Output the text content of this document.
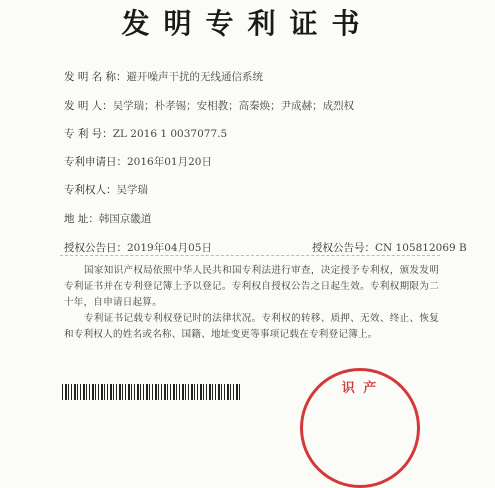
发明专利证书
发 明 名 称：避开噪声干扰的无线通信系统
发 明 人：吴学瑞；朴孝锡；安相教；高秦焕；尹成赫；成烈权
专 利 号：ZL 2016 1 0037077.5
专利申请日：2016年01月20日
专利权人：吴学瑞
地 址：韩国京畿道
授权公告日：2019年04月05日	授权公告号：CN 105812069 B
国家知识产权局依照中华人民共和国专利法进行审查，决定授予专利权，颁发发明专利证书并在专利登记簿上予以登记。专利权自授权公告之日起生效。专利权期限为二十年，自申请日起算。
专利证书记载专利权登记时的法律状况。专利权的转移、质押、无效、终止、恢复和专利权人的姓名或名称、国籍、地址变更等事项记载在专利登记簿上。
识 产
